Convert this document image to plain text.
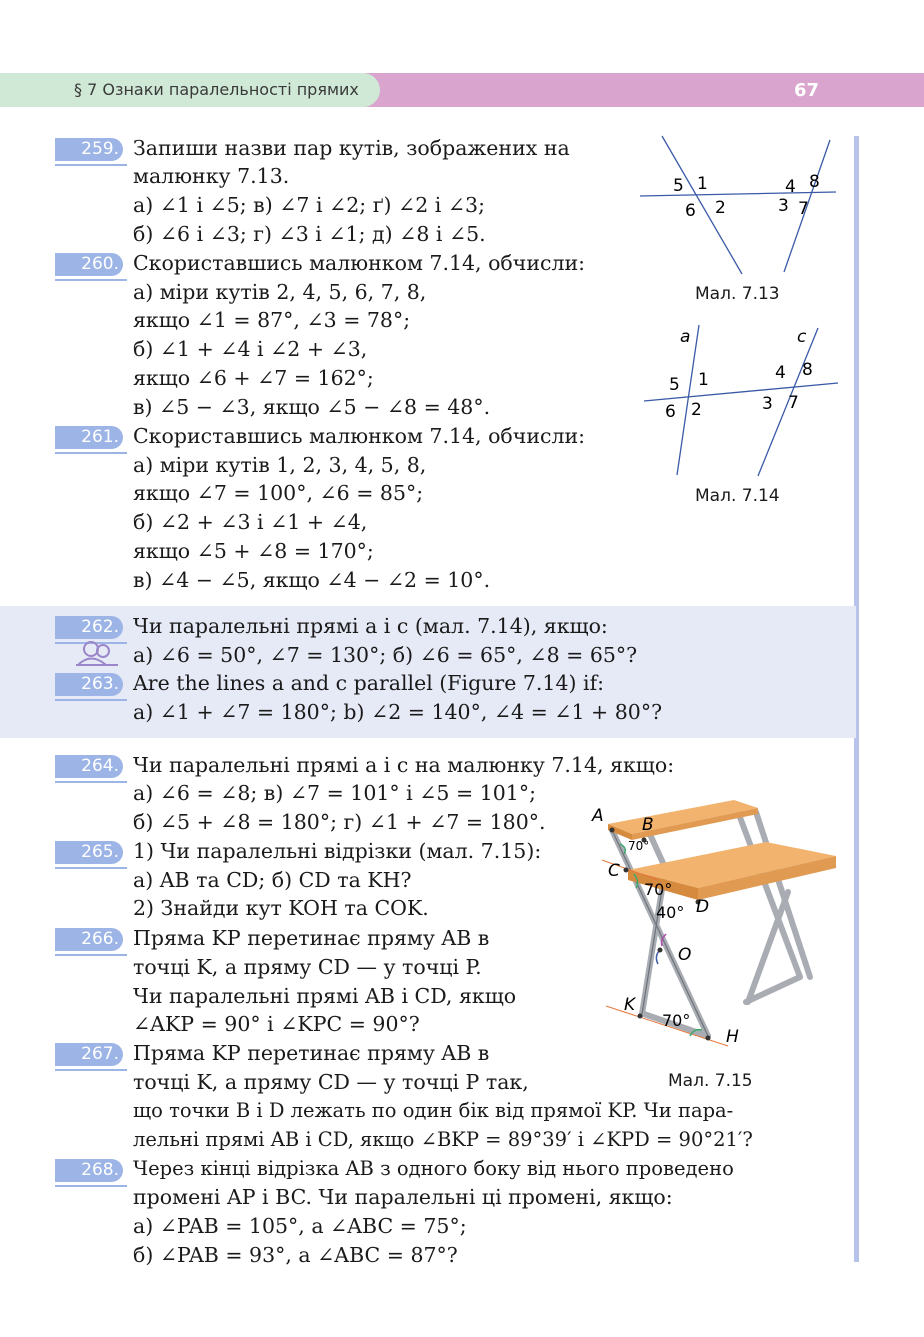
§ 7 Ознаки паралельності прямих	67
259. Запиши назви пар кутів, зображених на
малюнку 7.13.
а) ∠1 і ∠5; в) ∠7 і ∠2; ґ) ∠2 і ∠3;
б) ∠6 і ∠3; г) ∠3 і ∠1; д) ∠8 і ∠5.
260. Скориставшись малюнком 7.14, обчисли:
а) міри кутів 2, 4, 5, 6, 7, 8,
якщо ∠1 = 87°, ∠3 = 78°;
б) ∠1 + ∠4 і ∠2 + ∠3,
якщо ∠6 + ∠7 = 162°;
в) ∠5 − ∠3, якщо ∠5 − ∠8 = 48°.
261. Скориставшись малюнком 7.14, обчисли:
а) міри кутів 1, 2, 3, 4, 5, 8,
якщо ∠7 = 100°, ∠6 = 85°;
б) ∠2 + ∠3 і ∠1 + ∠4,
якщо ∠5 + ∠8 = 170°;
в) ∠4 − ∠5, якщо ∠4 − ∠2 = 10°.
262. Чи паралельні прямі a і c (мал. 7.14), якщо:
а) ∠6 = 50°, ∠7 = 130°; б) ∠6 = 65°, ∠8 = 65°?
263. Are the lines a and c parallel (Figure 7.14) if:
a) ∠1 + ∠7 = 180°; b) ∠2 = 140°, ∠4 = ∠1 + 80°?
264. Чи паралельні прямі a і c на малюнку 7.14, якщо:
а) ∠6 = ∠8; в) ∠7 = 101° і ∠5 = 101°;
б) ∠5 + ∠8 = 180°; г) ∠1 + ∠7 = 180°.
265. 1) Чи паралельні відрізки (мал. 7.15):
а) AB та CD; б) CD та KH?
2) Знайди кут KOH та COK.
266. Пряма KP перетинає пряму AB в
точці K, а пряму CD — у точці P.
Чи паралельні прямі AB і CD, якщо
∠AKP = 90° і ∠KPC = 90°?
267. Пряма KP перетинає пряму AB в
точці K, а пряму CD — у точці P так,
що точки B і D лежать по один бік від прямої KP. Чи пара-
лельні прямі AB і CD, якщо ∠BKP = 89°39′ і ∠KPD = 90°21′?
268. Через кінці відрізка AB з одного боку від нього проведено
промені AP і BC. Чи паралельні ці промені, якщо:
а) ∠PAB = 105°, а ∠ABC = 75°;
б) ∠PAB = 93°, а ∠ABC = 87°?
5 1
6 2
4 8
3 7
Мал. 7.13
a	c
5 1
6 2
4 8
3 7
Мал. 7.14
A B
70°
C
70°
40° D
O
K
70°
H
Мал. 7.15
